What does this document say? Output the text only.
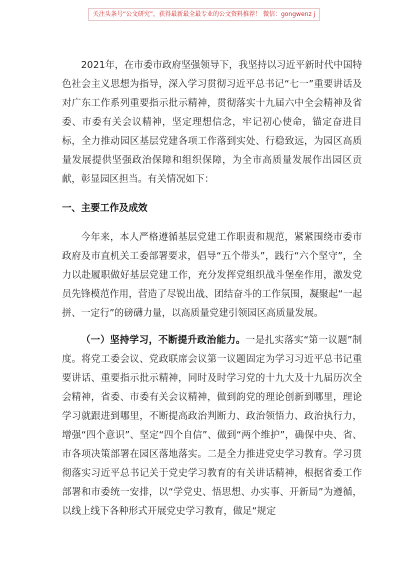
关注头条号“公文研究”，获得最新最全最专业的公文资料推荐！ 微信：gongwenz j

2021年，在市委市政府坚强领导下，我坚持以习近平新时代中国特色社会主义思想为指导，深入学习贯彻习近平总书记“七一”重要讲话及对广东工作系列重要指示批示精神，贯彻落实十九届六中全会精神及省委、市委有关会议精神，坚定理想信念，牢记初心使命，锚定奋进目标，全力推动园区基层党建各项工作落到实处、行稳致远，为园区高质量发展提供坚强政治保障和组织保障，为全市高质量发展作出园区贡献，彰显园区担当。有关情况如下：

一、主要工作及成效

今年来，本人严格遵循基层党建工作职责和规范，紧紧围绕市委市政府及市直机关工委部署要求，倡导“五个带头”，践行“六个坚守”，全力以赴履职做好基层党建工作，充分发挥党组织战斗堡垒作用，激发党员先锋模范作用，营造了尽锐出战、团结奋斗的工作氛围，凝聚起“一起拼、一定行”的磅礴力量，以高质量党建引领园区高质量发展。

（一）坚持学习，不断提升政治能力。一是扎实落实“第一议题”制度。将党工委会议、党政联席会议第一议题固定为学习习近平总书记重要讲话、重要指示批示精神，同时及时学习党的十九大及十九届历次全会精神，省委、市委有关会议精神，做到韵党的理论创新到哪里，理论学习就跟进到哪里，不断提高政治判断力、政治领悟力、政治执行力，增强“四个意识”、坚定“四个自信”、做到“两个维护”，确保中央、省、市各项决策部署在园区落地落实。二是全力推进党史学习教育。学习贯彻落实习近平总书记关于党史学习教育的有关讲话精神，根据省委工作部署和市委统一安排，以“学党史、悟思想、办实事、开新局”为遵循，以线上线下各种形式开展党史学习教育，做足“规定
